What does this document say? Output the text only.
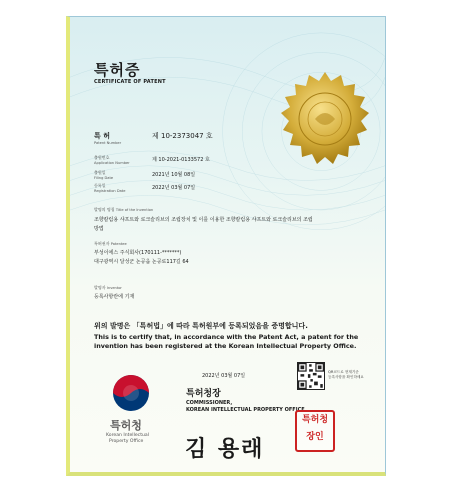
특허증

CERTIFICATE OF PATENT

특 허

Patent Number

제 10-2373047 호

출원번호

Application Number	제 10-2021-0133572 호

출원일

Filing Date	2021년 10월 08일

등록일

Registration Date	2022년 03월 07일

발명의 명칭 Title of the Invention

조향칼럼용 샤프트와 로크슬리브의 조립장치 및 이를 이용한 조향칼럼용 샤프트와 로크슬리브의 조립

방법

특허권자 Patentee

부성이에스 주식회사(170111-*******)

대구광역시 달성군 논공읍 논공로117길 64

발명자 Inventor

등록사항란에 기재

위의 발명은 「특허법」에 따라 특허원부에 등록되었음을 증명합니다.

This is to certify that, in accordance with the Patent Act, a patent for the invention has been registered at the Korean Intellectual Property Office.

2022년 03월 07일

QR코드로 현재기준

등록사항을 확인하세요

특허청

Korean Intellectual

Property Office

특허청장

COMMISSIONER,

KOREAN INTELLECTUAL PROPERTY OFFICE

김 용래

특허청
장인
